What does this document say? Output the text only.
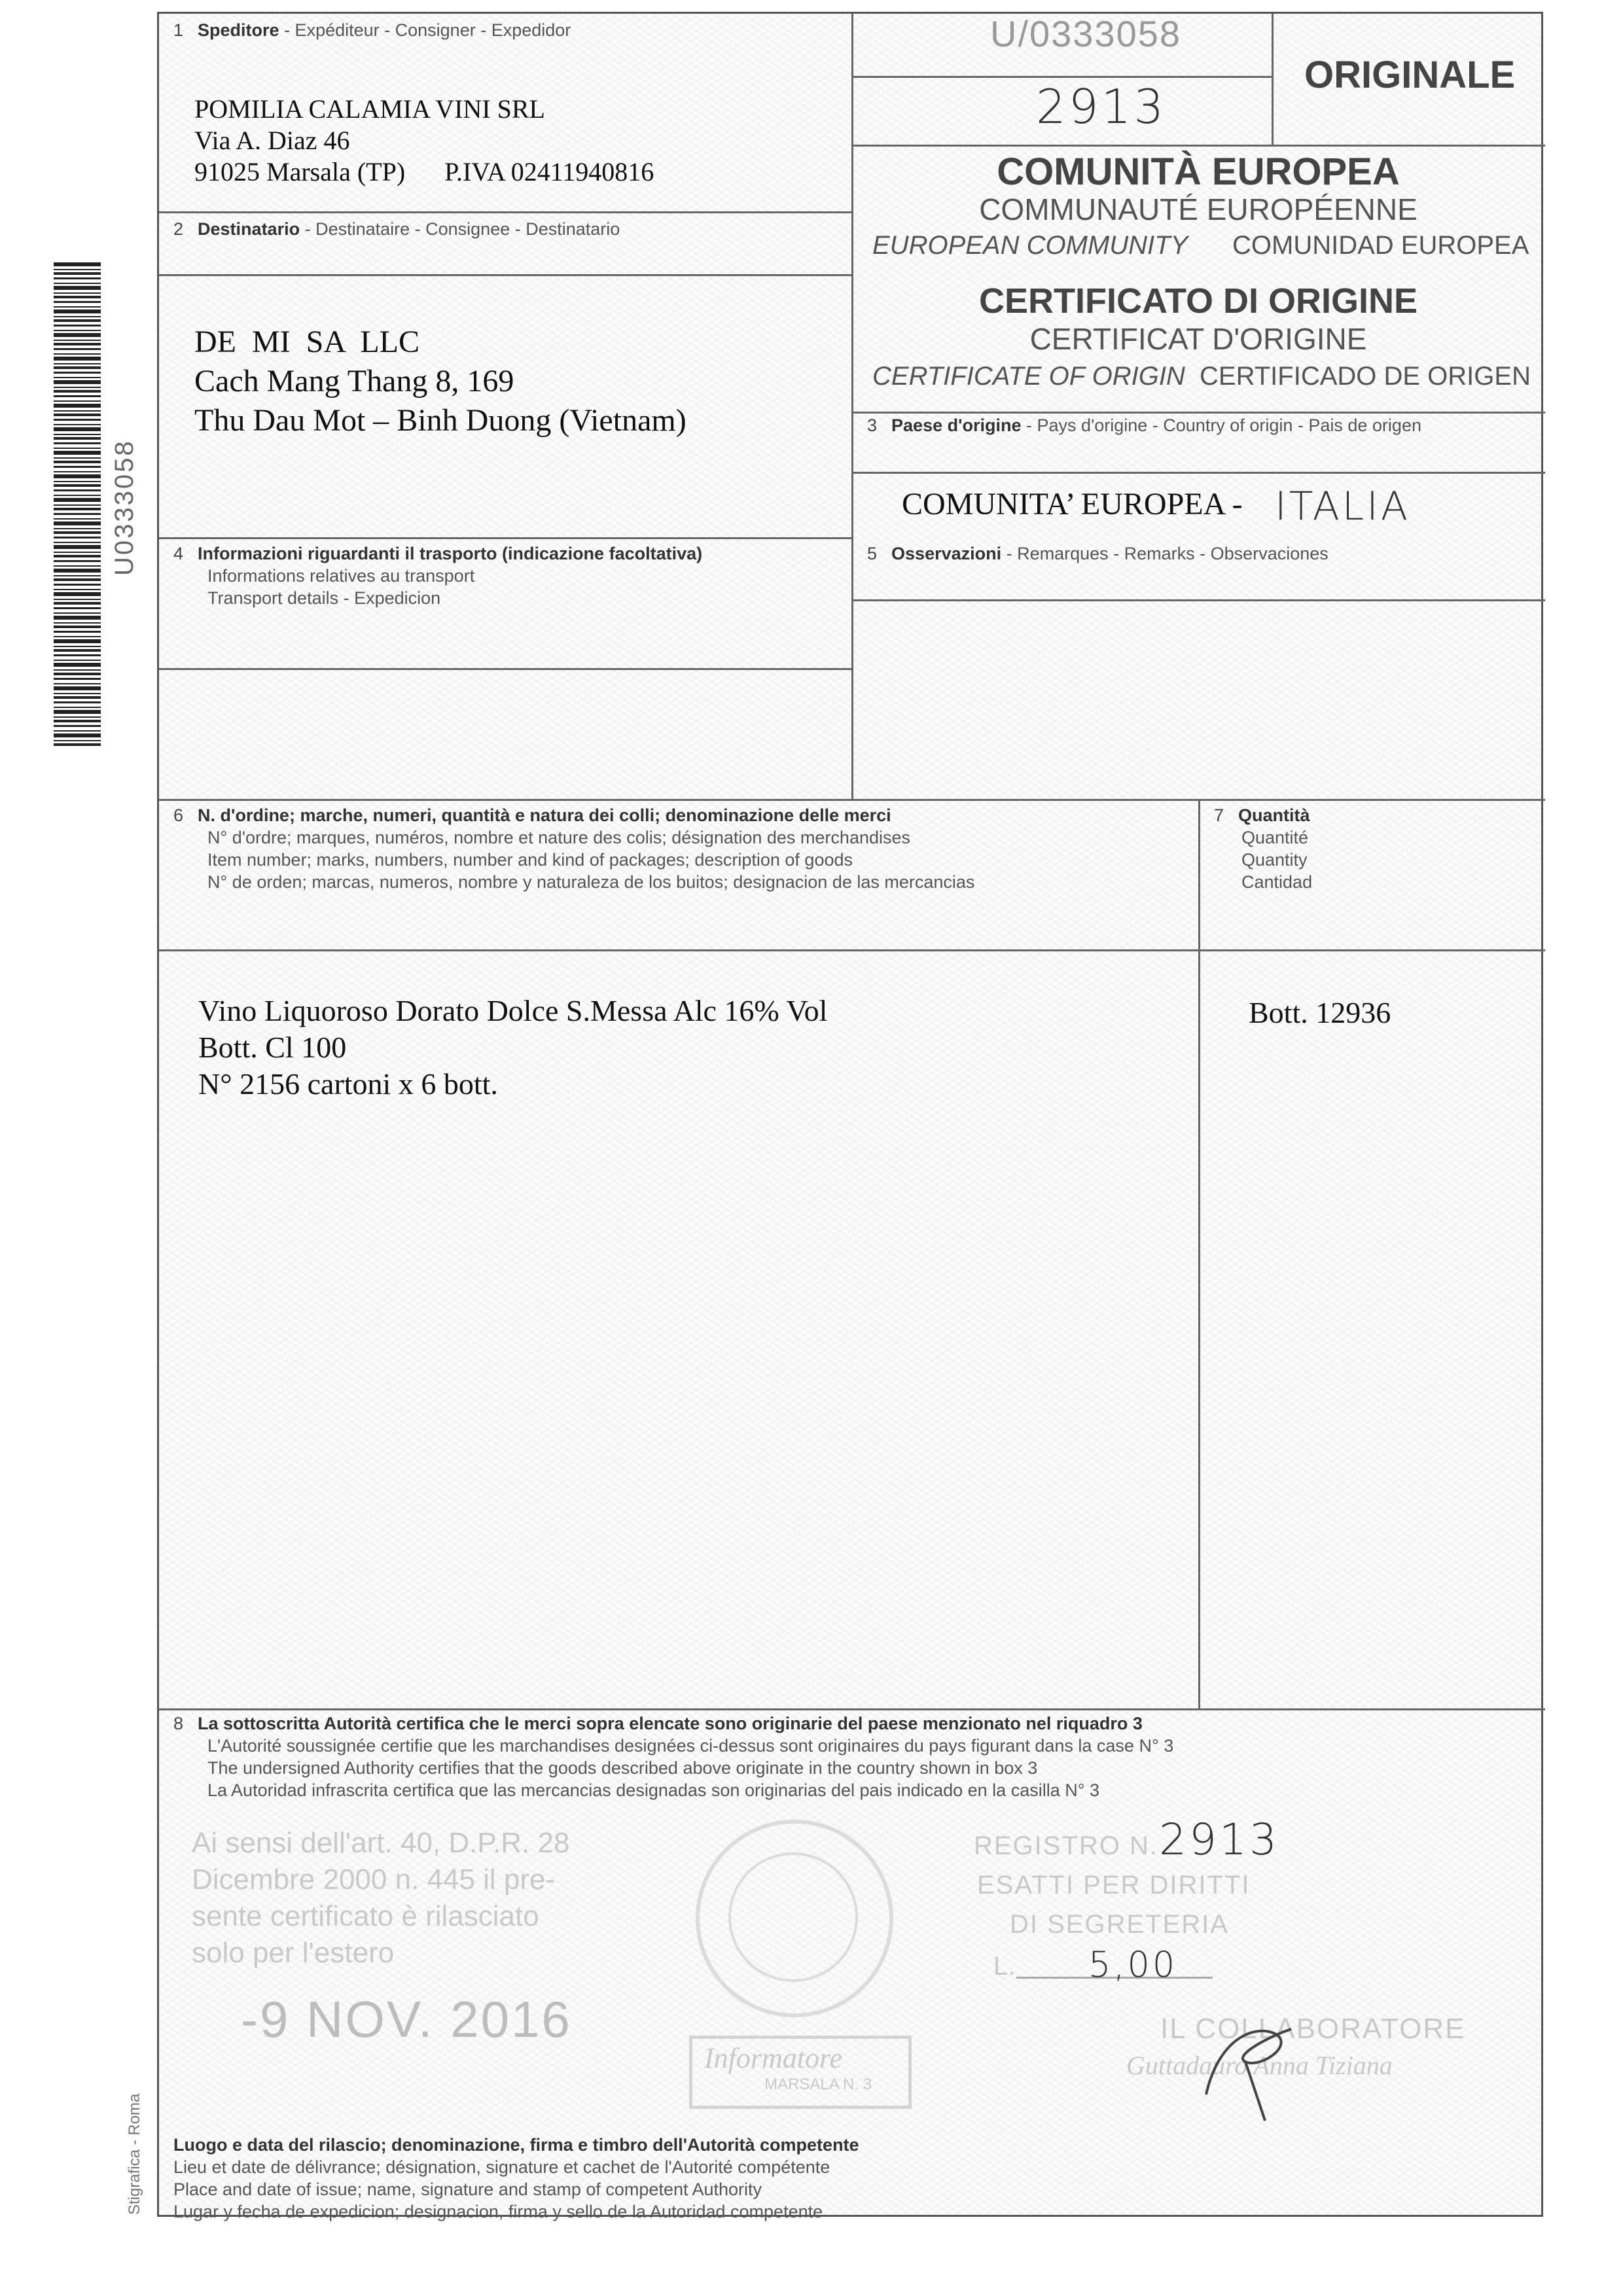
U0333058
Stigrafica - Roma
1 Speditore - Expéditeur - Consigner - Expedidor
POMILIA CALAMIA VINI SRL
Via A. Diaz 46
91025 Marsala (TP)      P.IVA 02411940816
2 Destinatario - Destinataire - Consignee - Destinatario
DE  MI  SA  LLC
Cach Mang Thang 8, 169
Thu Dau Mot – Binh Duong (Vietnam)
U/0333058
2913
ORIGINALE
COMUNITÀ EUROPEA
COMMUNAUTÉ EUROPÉENNE
EUROPEAN COMMUNITY COMUNIDAD EUROPEA
CERTIFICATO DI ORIGINE
CERTIFICAT D'ORIGINE
CERTIFICATE OF ORIGIN CERTIFICADO DE ORIGEN
3 Paese d'origine - Pays d'origine - Country of origin - Pais de origen
COMUNITA’ EUROPEA - ITALIA
4 Informazioni riguardanti il trasporto (indicazione facoltativa)
Informations relatives au transport
Transport details - Expedicion
5 Osservazioni - Remarques - Remarks - Observaciones
6 N. d'ordine; marche, numeri, quantità e natura dei colli; denominazione delle merci
N° d'ordre; marques, numéros, nombre et nature des colis; désignation des merchandises
Item number; marks, numbers, number and kind of packages; description of goods
N° de orden; marcas, numeros, nombre y naturaleza de los buitos; designacion de las mercancias
Vino Liquoroso Dorato Dolce S.Messa Alc 16% Vol
Bott. Cl 100
N° 2156 cartoni x 6 bott.
7 Quantità
Quantité
Quantity
Cantidad
Bott. 12936
8 La sottoscritta Autorità certifica che le merci sopra elencate sono originarie del paese menzionato nel riquadro 3
L'Autorité soussignée certifie que les marchandises designées ci-dessus sont originaires du pays figurant dans la case N° 3
The undersigned Authority certifies that the goods described above originate in the country shown in box 3
La Autoridad infrascrita certifica que las mercancias designadas son originarias del pais indicado en la casilla N° 3
Ai sensi dell'art. 40, D.P.R. 28
Dicembre 2000 n. 445 il pre-
sente certificato è rilasciato
solo per l'estero
-9 NOV. 2016
Informatore
MARSALA N. 3
REGISTRO N. 2913
ESATTI PER DIRITTI
DI SEGRETERIA
L. 5,00
IL COLLABORATORE
Guttadauro Anna Tiziana
Luogo e data del rilascio; denominazione, firma e timbro dell'Autorità competente
Lieu et date de délivrance; désignation, signature et cachet de l'Autorité compétente
Place and date of issue; name, signature and stamp of competent Authority
Lugar y fecha de expedicion; designacion, firma y sello de la Autoridad competente
